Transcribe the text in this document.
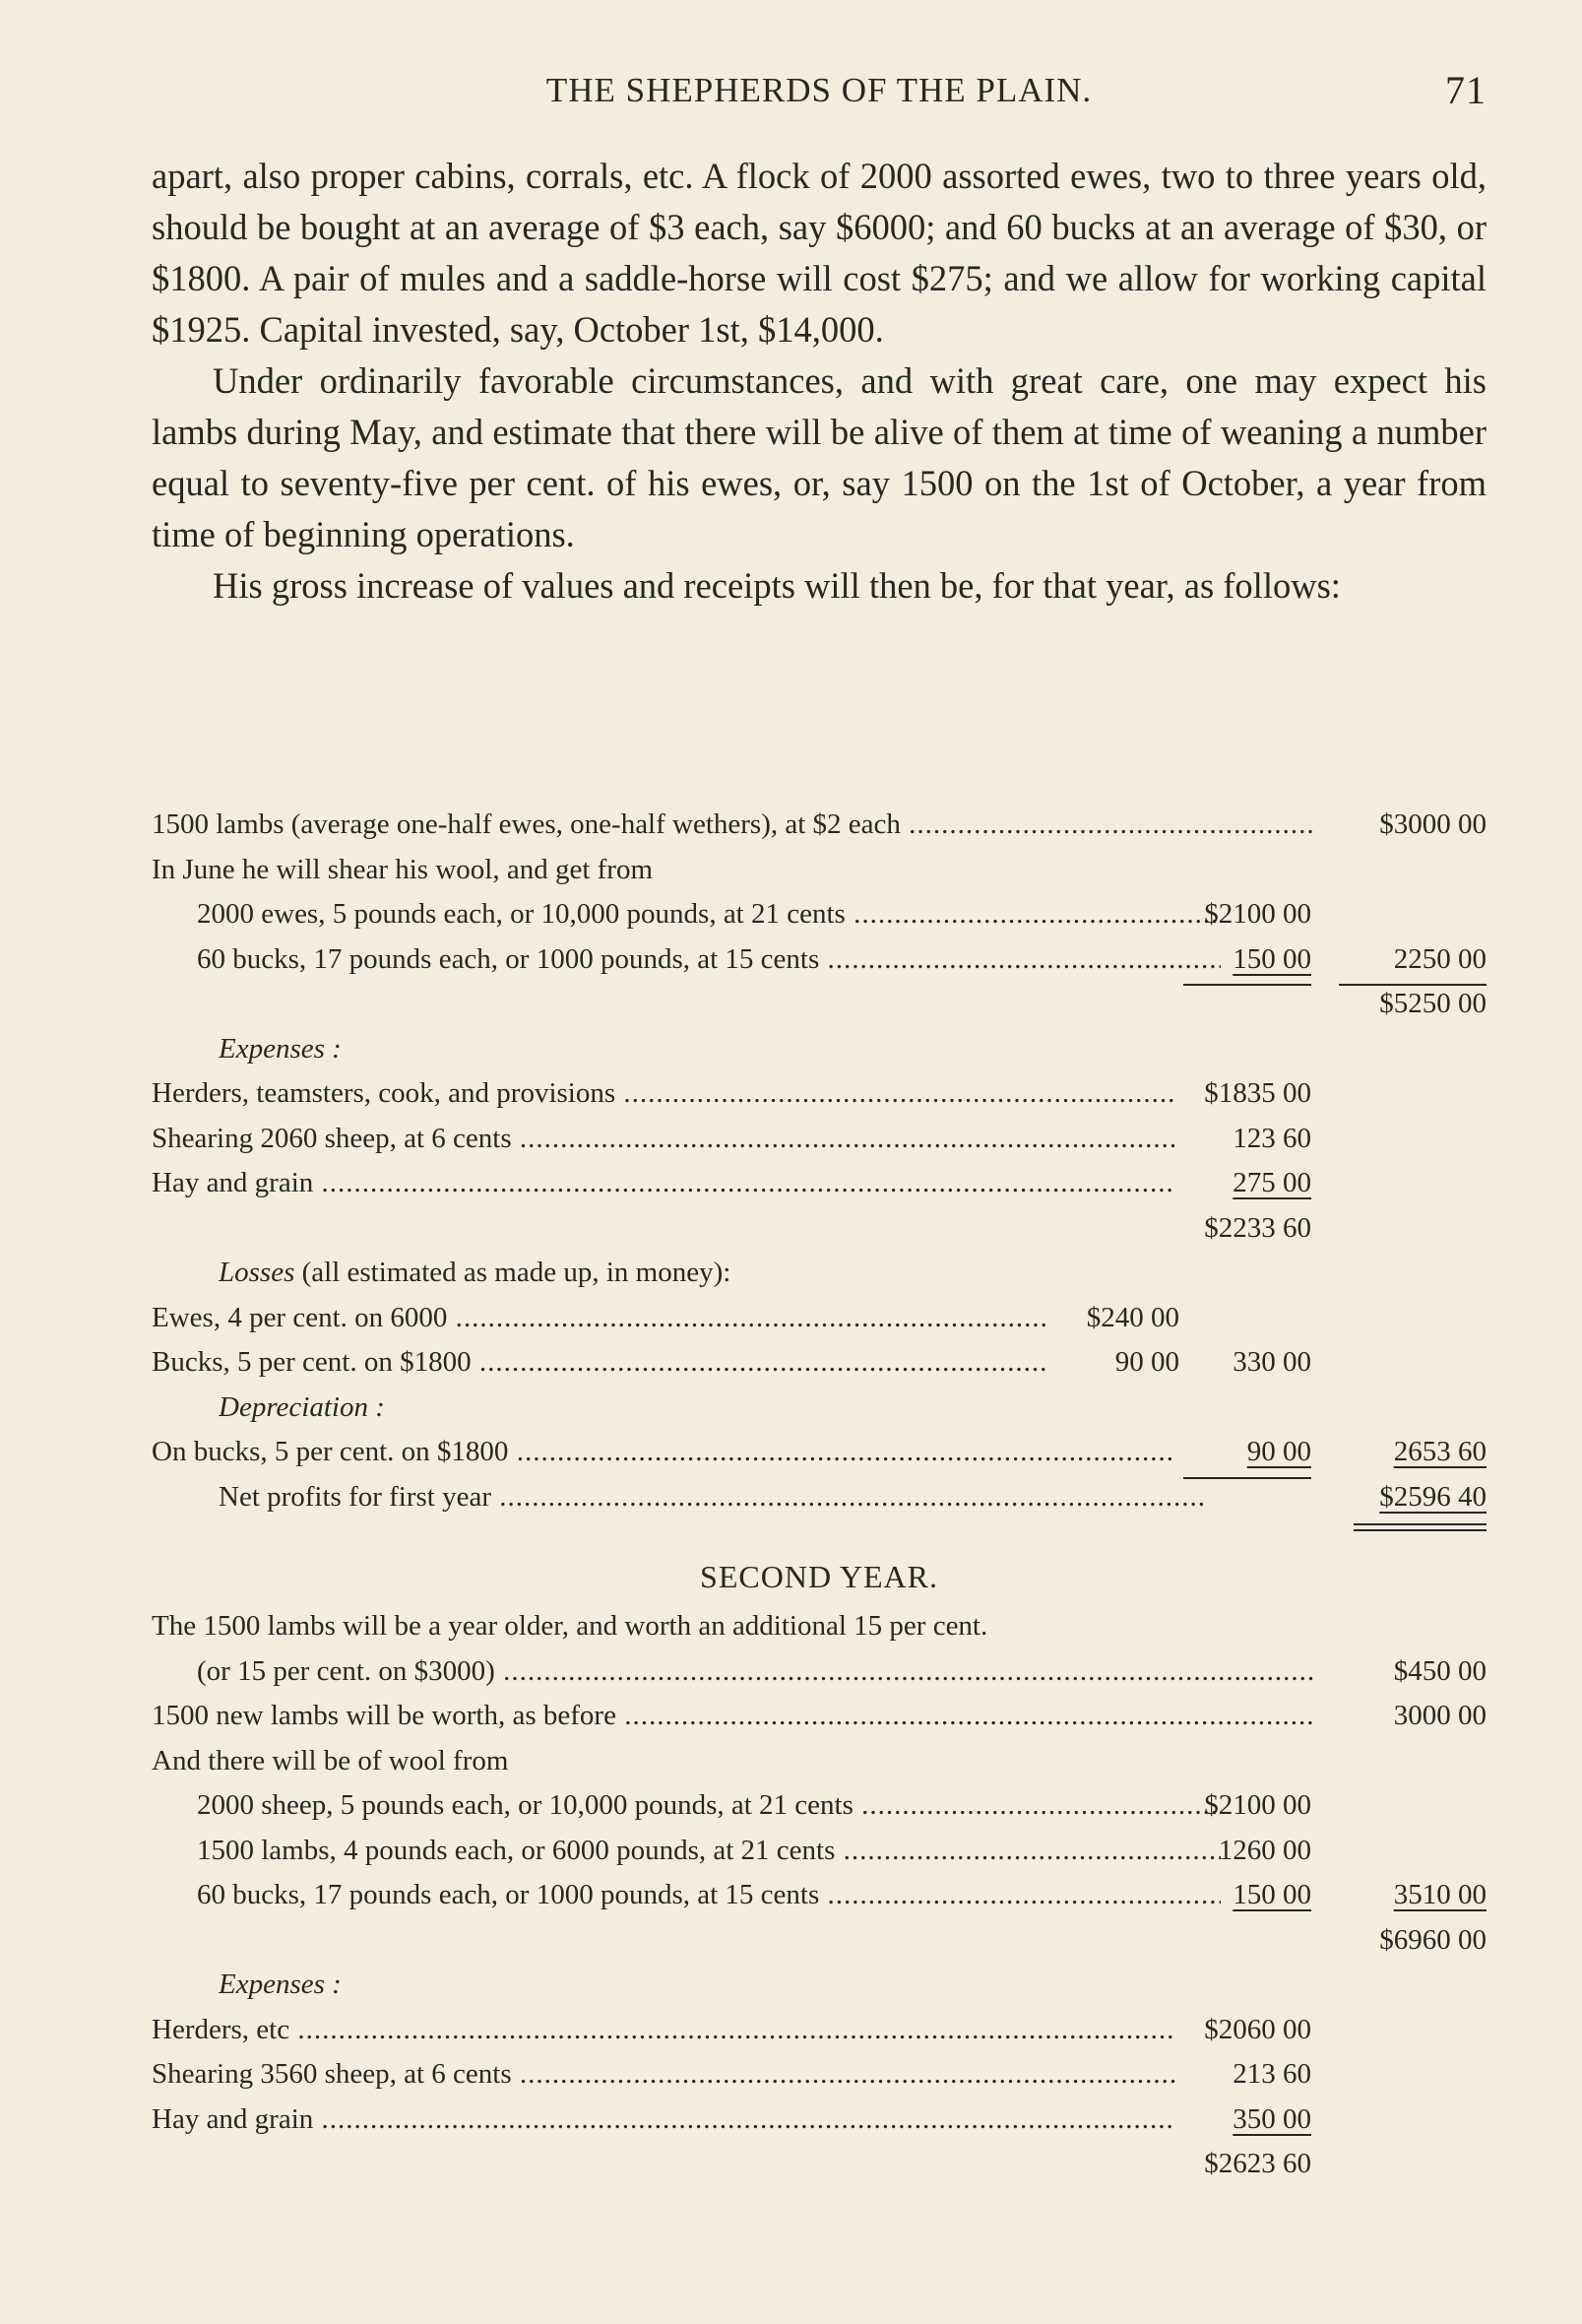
THE SHEPHERDS OF THE PLAIN.	71

apart, also proper cabins, corrals, etc. A flock of 2000 assorted ewes, two to three years old, should be bought at an average of $3 each, say $6000; and 60 bucks at an average of $30, or $1800. A pair of mules and a saddle-horse will cost $275; and we allow for working capital $1925. Capital invested, say, October 1st, $14,000.

Under ordinarily favorable circumstances, and with great care, one may expect his lambs during May, and estimate that there will be alive of them at time of weaning a number equal to seventy-five per cent. of his ewes, or, say 1500 on the 1st of October, a year from time of beginning operations.

His gross increase of values and receipts will then be, for that year, as follows:

1500 lambs (average one-half ewes, one-half wethers), at $2 each .....	$3000 00
In June he will shear his wool, and get from
2000 ewes, 5 pounds each, or 10,000 pounds, at 21 cents .....	$2100 00
60 bucks, 17 pounds each, or 1000 pounds, at 15 cents .....	150 00	2250 00
$5250 00
Expenses :
Herders, teamsters, cook, and provisions .....	$1835 00
Shearing 2060 sheep, at 6 cents .....	123 60
Hay and grain .....	275 00
$2233 60
Losses (all estimated as made up, in money):
Ewes, 4 per cent. on 6000 .....	$240 00
Bucks, 5 per cent. on $1800 .....	90 00	330 00
Depreciation :
On bucks, 5 per cent. on $1800 .....	90 00	2653 60
Net profits for first year .....	$2596 40
SECOND YEAR.
The 1500 lambs will be a year older, and worth an additional 15 per cent.
(or 15 per cent. on $3000) .....	$450 00
1500 new lambs will be worth, as before .....	3000 00
And there will be of wool from
2000 sheep, 5 pounds each, or 10,000 pounds, at 21 cents .....	$2100 00
1500 lambs, 4 pounds each, or 6000 pounds, at 21 cents .....	1260 00
60 bucks, 17 pounds each, or 1000 pounds, at 15 cents .....	150 00	3510 00
$6960 00
Expenses :
Herders, etc .....	$2060 00
Shearing 3560 sheep, at 6 cents .....	213 60
Hay and grain .....	350 00
$2623 60
